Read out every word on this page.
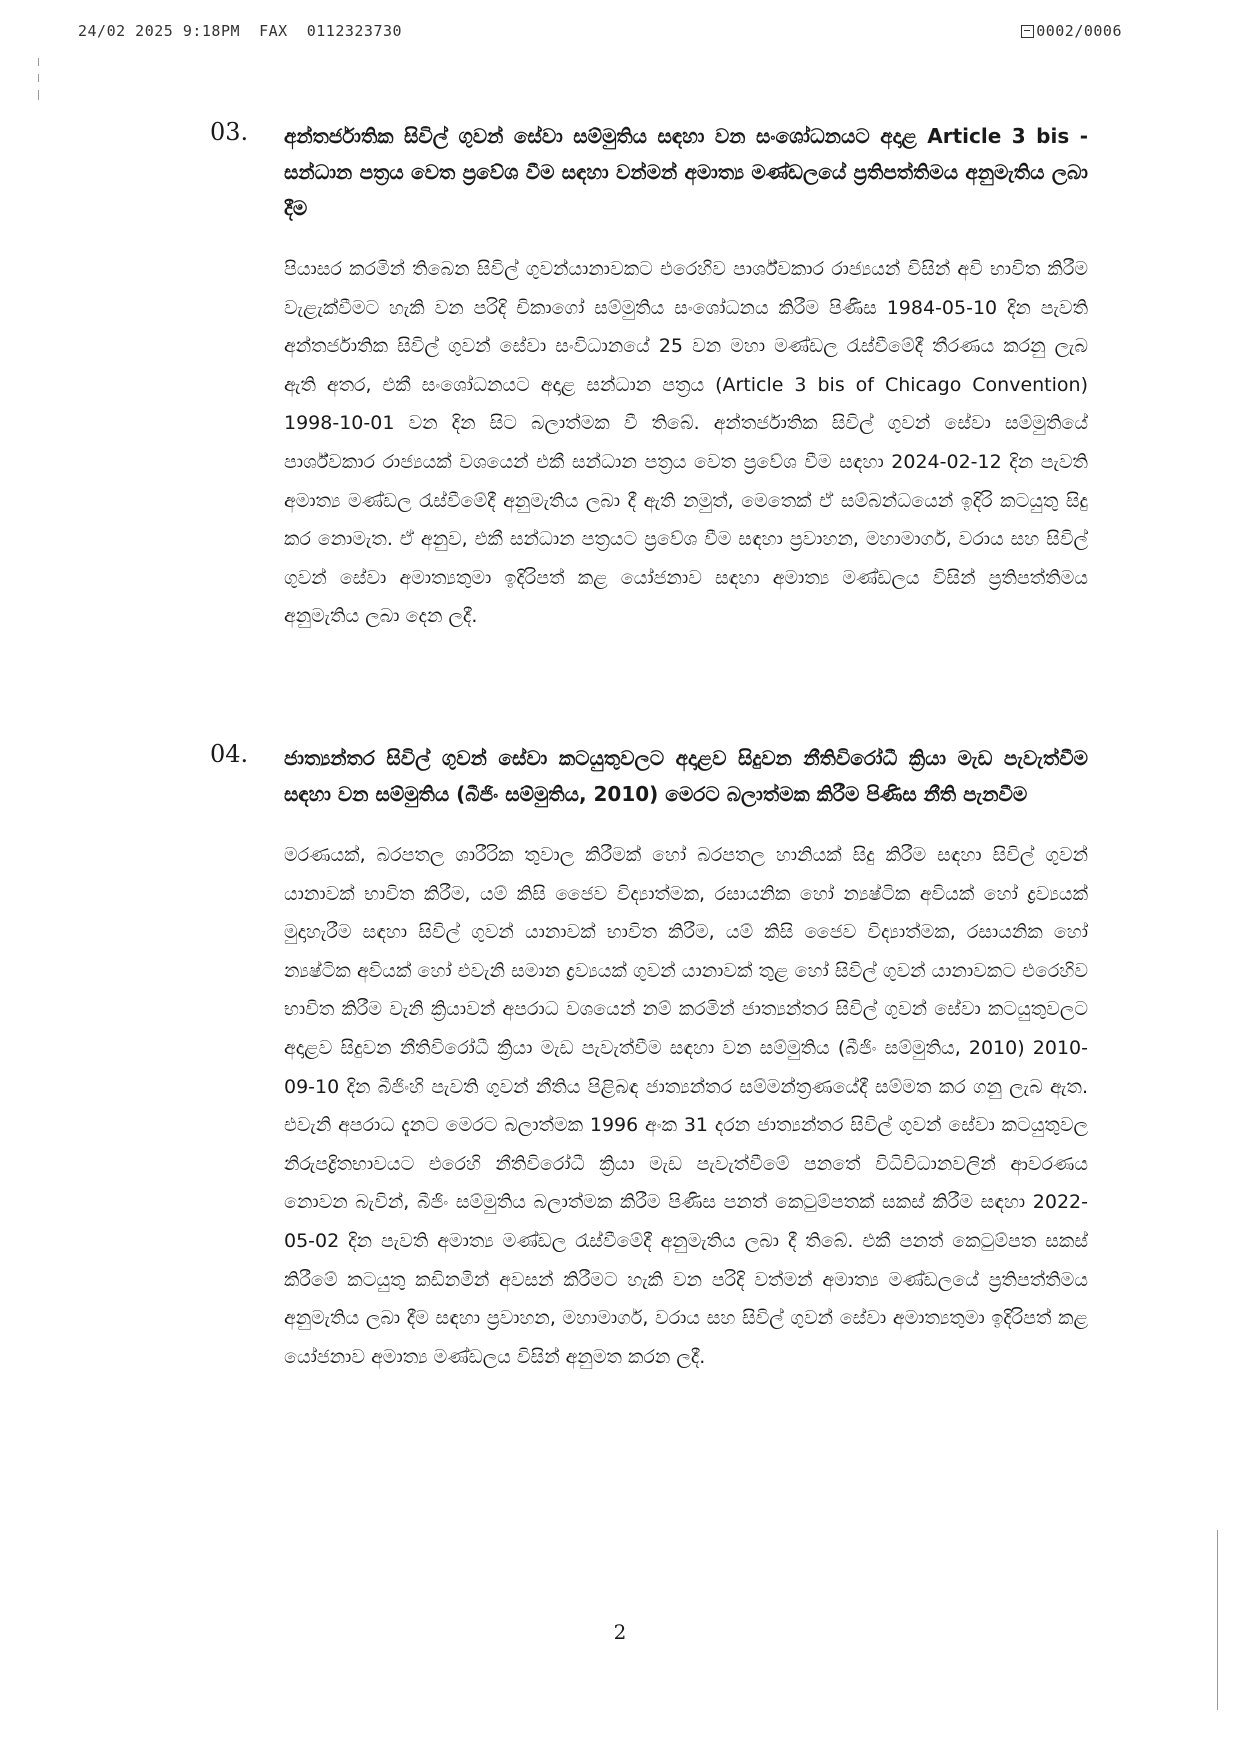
24/02 2025 9:18PM  FAX  0112323730	0002/0006
03. අන්තර්ජාතික සිවිල් ගුවන් සේවා සම්මුතිය සඳහා වන සංශෝධනයට අදාළ Article 3 bis - සන්ධාන පත්‍රය වෙත ප්‍රවේශ වීම සඳහා වන්මන් අමාත්‍ය මණ්ඩලයේ ප්‍රතිපත්තිමය අනුමැතිය ලබා දීම
පියාසර කරමින් තිබෙන සිවිල් ගුවන්යානාවකට එරෙහිව පාර්ශ්වකාර රාජ්‍යයන් විසින් අවි භාවිත කිරීම වැළැක්වීමට හැකි වන පරිදි චිකාගෝ සම්මුතිය සංශෝධනය කිරීම පිණිස 1984-05-10 දින පැවති අන්තර්ජාතික සිවිල් ගුවන් සේවා සංවිධානයේ 25 වන මහා මණ්ඩල රැස්වීමේදී තීරණය කරනු ලැබ ඇති අතර, එකී සංශෝධනයට අදාළ සන්ධාන පත්‍රය (Article 3 bis of Chicago Convention) 1998-10-01 වන දින සිට බලාත්මක වී තිබේ. අන්තර්ජාතික සිවිල් ගුවන් සේවා සම්මුතියේ පාර්ශ්වකාර රාජ්‍යයක් වශයෙන් එකී සන්ධාන පත්‍රය වෙත ප්‍රවේශ වීම සඳහා 2024-02-12 දින පැවති අමාත්‍ය මණ්ඩල රැස්වීමේදී අනුමැතිය ලබා දී ඇති නමුත්, මෙතෙක් ඒ සම්බන්ධයෙන් ඉදිරි කටයුතු සිදු කර නොමැත. ඒ අනුව, එකී සන්ධාන පත්‍රයට ප්‍රවේශ වීම සඳහා ප්‍රවාහන, මහාමාර්ග, වරාය සහ සිවිල් ගුවන් සේවා අමාත්‍යතුමා ඉදිරිපත් කළ යෝජනාව සඳහා අමාත්‍ය මණ්ඩලය විසින් ප්‍රතිපත්තිමය අනුමැතිය ලබා දෙන ලදී.
04. ජාත්‍යන්තර සිවිල් ගුවන් සේවා කටයුතුවලට අදාළව සිදුවන නීතිවිරෝධී ක්‍රියා මැඩ පැවැත්වීම සඳහා වන සම්මුතිය (බීජිං සම්මුතිය, 2010) මෙරට බලාත්මක කිරීම පිණිස නීති පැනවීම
මරණයක්, බරපතල ශාරීරික තුවාල කිරීමක් හෝ බරපතල හානියක් සිදු කිරීම සඳහා සිවිල් ගුවන් යානාවක් භාවිත කිරීම, යම් කිසි ජෛව විද්‍යාත්මක, රසායනික හෝ න්‍යෂ්ටික අවියක් හෝ ද්‍රව්‍යයක් මුදාහැරීම සඳහා සිවිල් ගුවන් යානාවක් භාවිත කිරීම, යම් කිසි ජෛව විද්‍යාත්මක, රසායනික හෝ න්‍යෂ්ටික අවියක් හෝ එවැනි සමාන ද්‍රව්‍යයක් ගුවන් යානාවක් තුළ හෝ සිවිල් ගුවන් යානාවකට එරෙහිව භාවිත කිරීම වැනි ක්‍රියාවන් අපරාධ වශයෙන් නම් කරමින් ජාත්‍යන්තර සිවිල් ගුවන් සේවා කටයුතුවලට අදාළව සිදුවන නීතිවිරෝධී ක්‍රියා මැඩ පැවැත්වීම සඳහා වන සම්මුතිය (බීජිං සම්මුතිය, 2010) 2010-09-10 දින බීජිංහි පැවති ගුවන් නීතිය පිළිබඳ ජාත්‍යන්තර සම්මන්ත්‍රණයේදී සම්මත කර ගනු ලැබ ඇත. එවැනි අපරාධ දැනට මෙරට බලාත්මක 1996 අංක 31 දරන ජාත්‍යන්තර සිවිල් ගුවන් සේවා කටයුතුවල නිරුපද්‍රිතභාවයට එරෙහි නීතිවිරෝධී ක්‍රියා මැඩ පැවැත්වීමේ පනතේ විධිවිධානවලින් ආවරණය නොවන බැවින්, බීජිං සම්මුතිය බලාත්මක කිරීම පිණිස පනත් කෙටුම්පතක් සකස් කිරීම සඳහා 2022-05-02 දින පැවති අමාත්‍ය මණ්ඩල රැස්වීමේදී අනුමැතිය ලබා දී තිබේ. එකී පනත් කෙටුම්පත සකස් කිරීමේ කටයුතු කඩිනමින් අවසන් කිරීමට හැකි වන පරිදි වත්මන් අමාත්‍ය මණ්ඩලයේ ප්‍රතිපත්තිමය අනුමැතිය ලබා දීම සඳහා ප්‍රවාහන, මහාමාර්ග, වරාය සහ සිවිල් ගුවන් සේවා අමාත්‍යතුමා ඉදිරිපත් කළ යෝජනාව අමාත්‍ය මණ්ඩලය විසින් අනුමත කරන ලදී.
2
